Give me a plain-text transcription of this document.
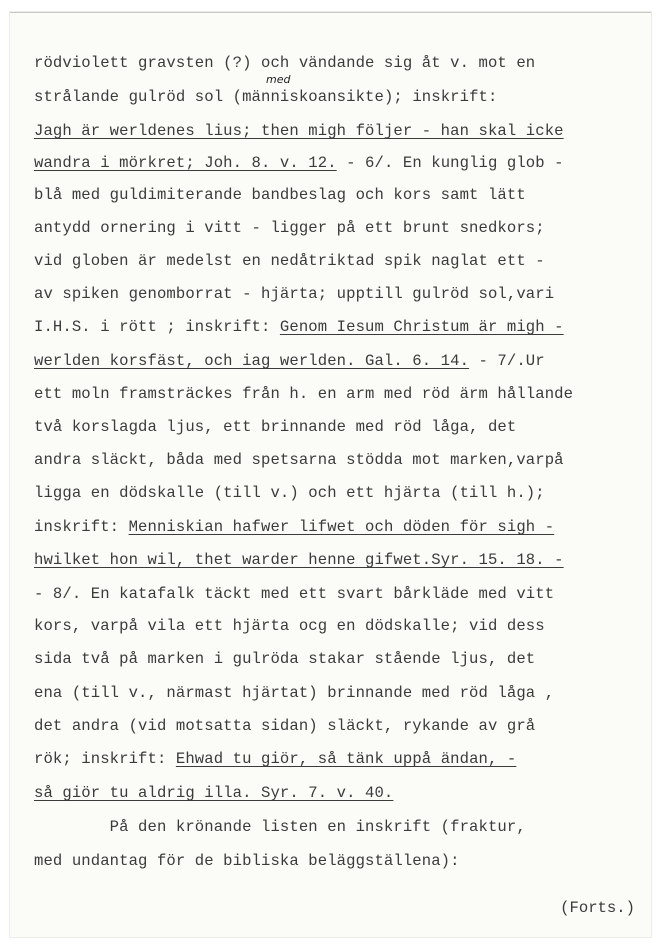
rödviolett gravsten (?) och vändande sig åt v. mot en
strålande gulröd sol (människoansikte); inskrift:
Jagh är werldenes lius; then migh följer - han skal icke
wandra i mörkret; Joh. 8. v. 12. - 6/. En kunglig glob -
blå med guldimiterande bandbeslag och kors samt lätt
antydd ornering i vitt - ligger på ett brunt snedkors;
vid globen är medelst en nedåtriktad spik naglat ett -
av spiken genomborrat - hjärta; upptill gulröd sol,vari
I.H.S. i rött ; inskrift: Genom Iesum Christum är migh -
werlden korsfäst, och iag werlden. Gal. 6. 14. - 7/.Ur
ett moln framsträckes från h. en arm med röd ärm hållande
två korslagda ljus, ett brinnande med röd låga, det
andra släckt, båda med spetsarna stödda mot marken,varpå
ligga en dödskalle (till v.) och ett hjärta (till h.);
inskrift: Menniskian hafwer lifwet och döden för sigh -
hwilket hon wil, thet warder henne gifwet.Syr. 15. 18. -
- 8/. En katafalk täckt med ett svart bårkläde med vitt
kors, varpå vila ett hjärta ocg en dödskalle; vid dess
sida två på marken i gulröda stakar stående ljus, det
ena (till v., närmast hjärtat) brinnande med röd låga ,
det andra (vid motsatta sidan) släckt, rykande av grå
rök; inskrift: Ehwad tu giör, så tänk uppå ändan, -
så giör tu aldrig illa. Syr. 7. v. 40.
På den krönande listen en inskrift (fraktur,
med undantag för de bibliska beläggställena):
med
(Forts.)
